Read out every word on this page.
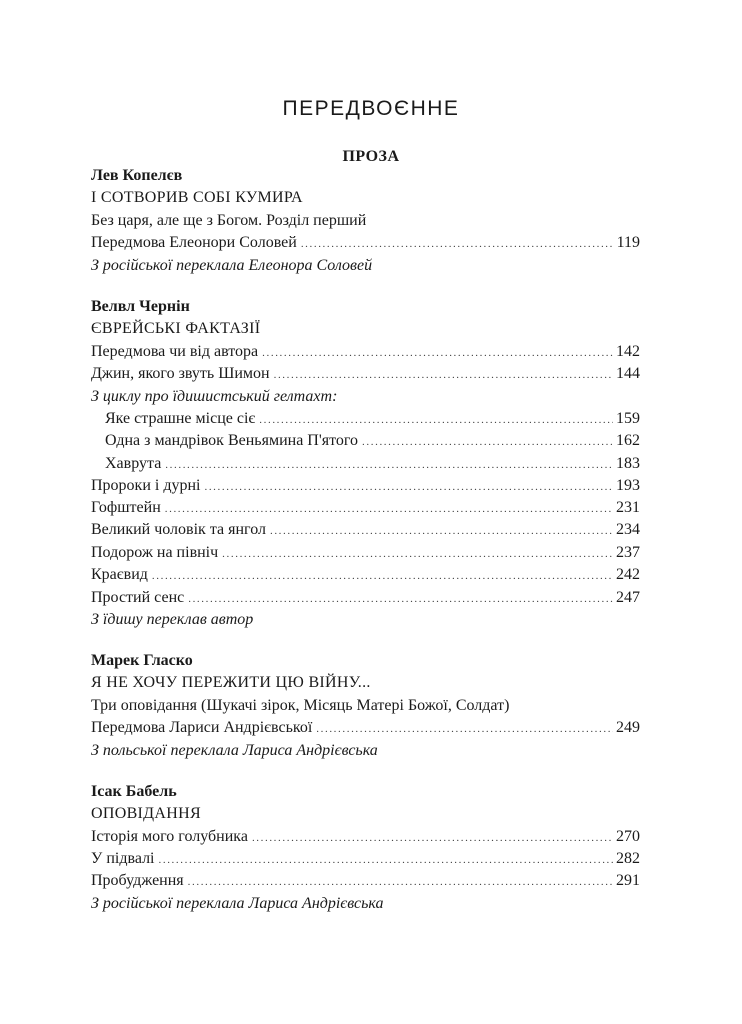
ПЕРЕДВОЄННЕ
ПРОЗА
Лев Копелєв
І СОТВОРИВ СОБІ КУМИРА
Без царя, але ще з Богом. Розділ перший
Передмова Елеонори Соловей .....	119
З російської переклала Елеонора Соловей
Велвл Чернін
ЄВРЕЙСЬКІ ФАКТАЗІЇ
Передмова чи від автора .....	142
Джин, якого звуть Шимон .....	144
З циклу про їдишистський гелтахт:
Яке страшне місце сіє .....	159
Одна з мандрівок Веньямина П'ятого .....	162
Хаврута .....	183
Пророки і дурні .....	193
Гофштейн .....	231
Великий чоловік та янгол .....	234
Подорож на північ .....	237
Краєвид .....	242
Простий сенс .....	247
З їдишу переклав автор
Марек Гласко
Я НЕ ХОЧУ ПЕРЕЖИТИ ЦЮ ВІЙНУ...
Три оповідання (Шукачі зірок, Місяць Матері Божої, Солдат)
Передмова Лариси Андрієвської .....	249
З польської переклала Лариса Андрієвська
Ісак Бабель
ОПОВІДАННЯ
Історія мого голубника .....	270
У підвалі .....	282
Пробудження .....	291
З російської переклала Лариса Андрієвська
